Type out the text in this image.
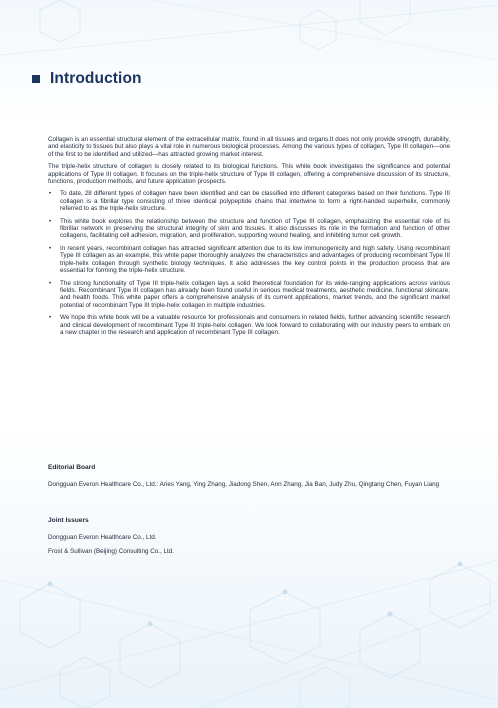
Introduction

Collagen is an essential structural element of the extracellular matrix, found in all tissues and organs.It does not only provide strength, durability, and elasticity to tissues but also plays a vital role in numerous biological processes. Among the various types of collagen, Type III collagen—one of the first to be identified and utilized—has attracted growing market interest.

The triple-helix structure of collagen is closely related to its biological functions. This white book investigates the significance and potential applications of Type III collagen. It focuses on the triple-helix structure of Type III collagen, offering a comprehensive discussion of its structure, functions, production methods, and future application prospects.

• To date, 28 different types of collagen have been identified and can be classified into different categories based on their functions. Type III collagen is a fibrillar type consisting of three identical polypeptide chains that intertwine to form a right-handed superhelix, commonly referred to as the triple-helix structure.
• This white book explores the relationship between the structure and function of Type III collagen, emphasizing the essential role of its fibrillar network in preserving the structural integrity of skin and tissues. It also discusses its role in the formation and function of other collagens, facilitating cell adhesion, migration, and proliferation, supporting wound healing, and inhibiting tumor cell growth.
• In recent years, recombinant collagen has attracted significant attention due to its low immunogenicity and high safety. Using recombinant Type III collagen as an example, this white paper thoroughly analyzes the characteristics and advantages of producing recombinant Type III triple-helix collagen through synthetic biology techniques. It also addresses the key control points in the production process that are essential for forming the triple-helix structure.
• The strong functionality of Type III triple-helix collagen lays a solid theoretical foundation for its wide-ranging applications across various fields. Recombinant Type III collagen has already been found useful in serious medical treatments, aesthetic medicine, functional skincare, and health foods. This white paper offers a comprehensive analysis of its current applications, market trends, and the significant market potential of recombinant Type III triple-helix collagen in multiple industries.
• We hope this white book will be a valuable resource for professionals and consumers in related fields, further advancing scientific research and clinical development of recombinant Type III triple-helix collagen. We look forward to collaborating with our industry peers to embark on a new chapter in the research and application of recombinant Type III collagen.
Editorial Board
Dongguan Everon Healthcare Co., Ltd.: Aries Yang, Ying Zhang, Jiadong Shen, Ann Zhang, Jia Ban, Judy Zhu, Qingtang Chen, Fuyan Liang
Joint Issuers
Dongguan Everon Healthcare Co., Ltd.
Frost & Sullivan (Beijing) Consulting Co., Ltd.
